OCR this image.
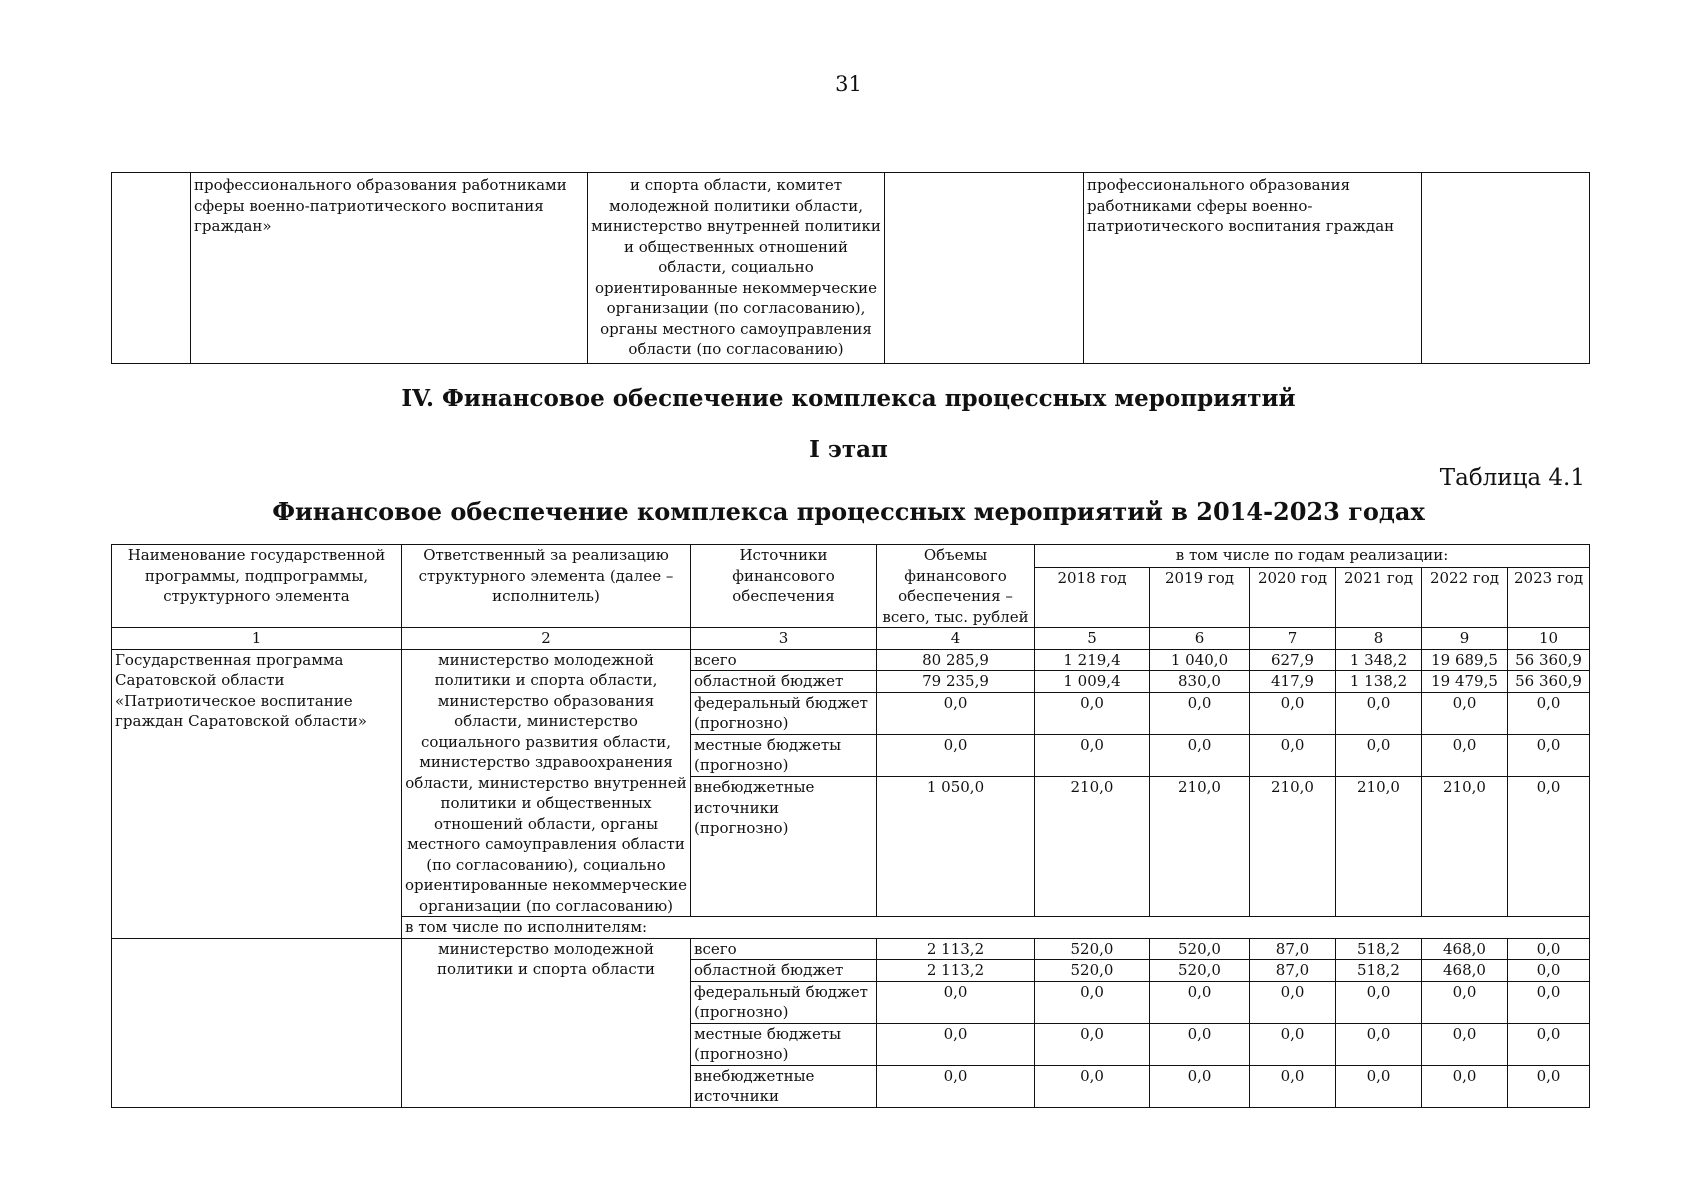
31
	профессионального образования работниками сферы военно-патриотического воспитания граждан»	и спорта области, комитет молодежной политики области, министерство внутренней политики и общественных отношений области, социально ориентированные некоммерческие организации (по согласованию), органы местного самоуправления области (по согласованию)		профессионального образования работниками сферы военно-патриотического воспитания граждан	
IV. Финансовое обеспечение комплекса процессных мероприятий
I этап
Таблица 4.1
Финансовое обеспечение комплекса процессных мероприятий в 2014-2023 годах
Наименование государственной программы, подпрограммы, структурного элемента	Ответственный за реализацию структурного элемента (далее – исполнитель)	Источники финансового обеспечения	Объемы финансового обеспечения – всего, тыс. рублей	в том числе по годам реализации:					
				2018 год	2019 год	2020 год	2021 год	2022 год	2023 год
1	2	3	4	5	6	7	8	9	10
Государственная программа Саратовской области «Патриотическое воспитание граждан Саратовской области»	министерство молодежной политики и спорта области, министерство образования области, министерство социального развития области, министерство здравоохранения области, министерство внутренней политики и общественных отношений области, органы местного самоуправления области (по согласованию), социально ориентированные некоммерческие организации (по согласованию)	всего	80 285,9	1 219,4	1 040,0	627,9	1 348,2	19 689,5	56 360,9
		областной бюджет	79 235,9	1 009,4	830,0	417,9	1 138,2	19 479,5	56 360,9
		федеральный бюджет (прогнозно)	0,0	0,0	0,0	0,0	0,0	0,0	0,0
		местные бюджеты (прогнозно)	0,0	0,0	0,0	0,0	0,0	0,0	0,0
		внебюджетные источники (прогнозно)	1 050,0	210,0	210,0	210,0	210,0	210,0	0,0
	в том числе по исполнителям:								
	министерство молодежной политики и спорта области	всего	2 113,2	520,0	520,0	87,0	518,2	468,0	0,0
		областной бюджет	2 113,2	520,0	520,0	87,0	518,2	468,0	0,0
		федеральный бюджет (прогнозно)	0,0	0,0	0,0	0,0	0,0	0,0	0,0
		местные бюджеты (прогнозно)	0,0	0,0	0,0	0,0	0,0	0,0	0,0
		внебюджетные источники	0,0	0,0	0,0	0,0	0,0	0,0	0,0
